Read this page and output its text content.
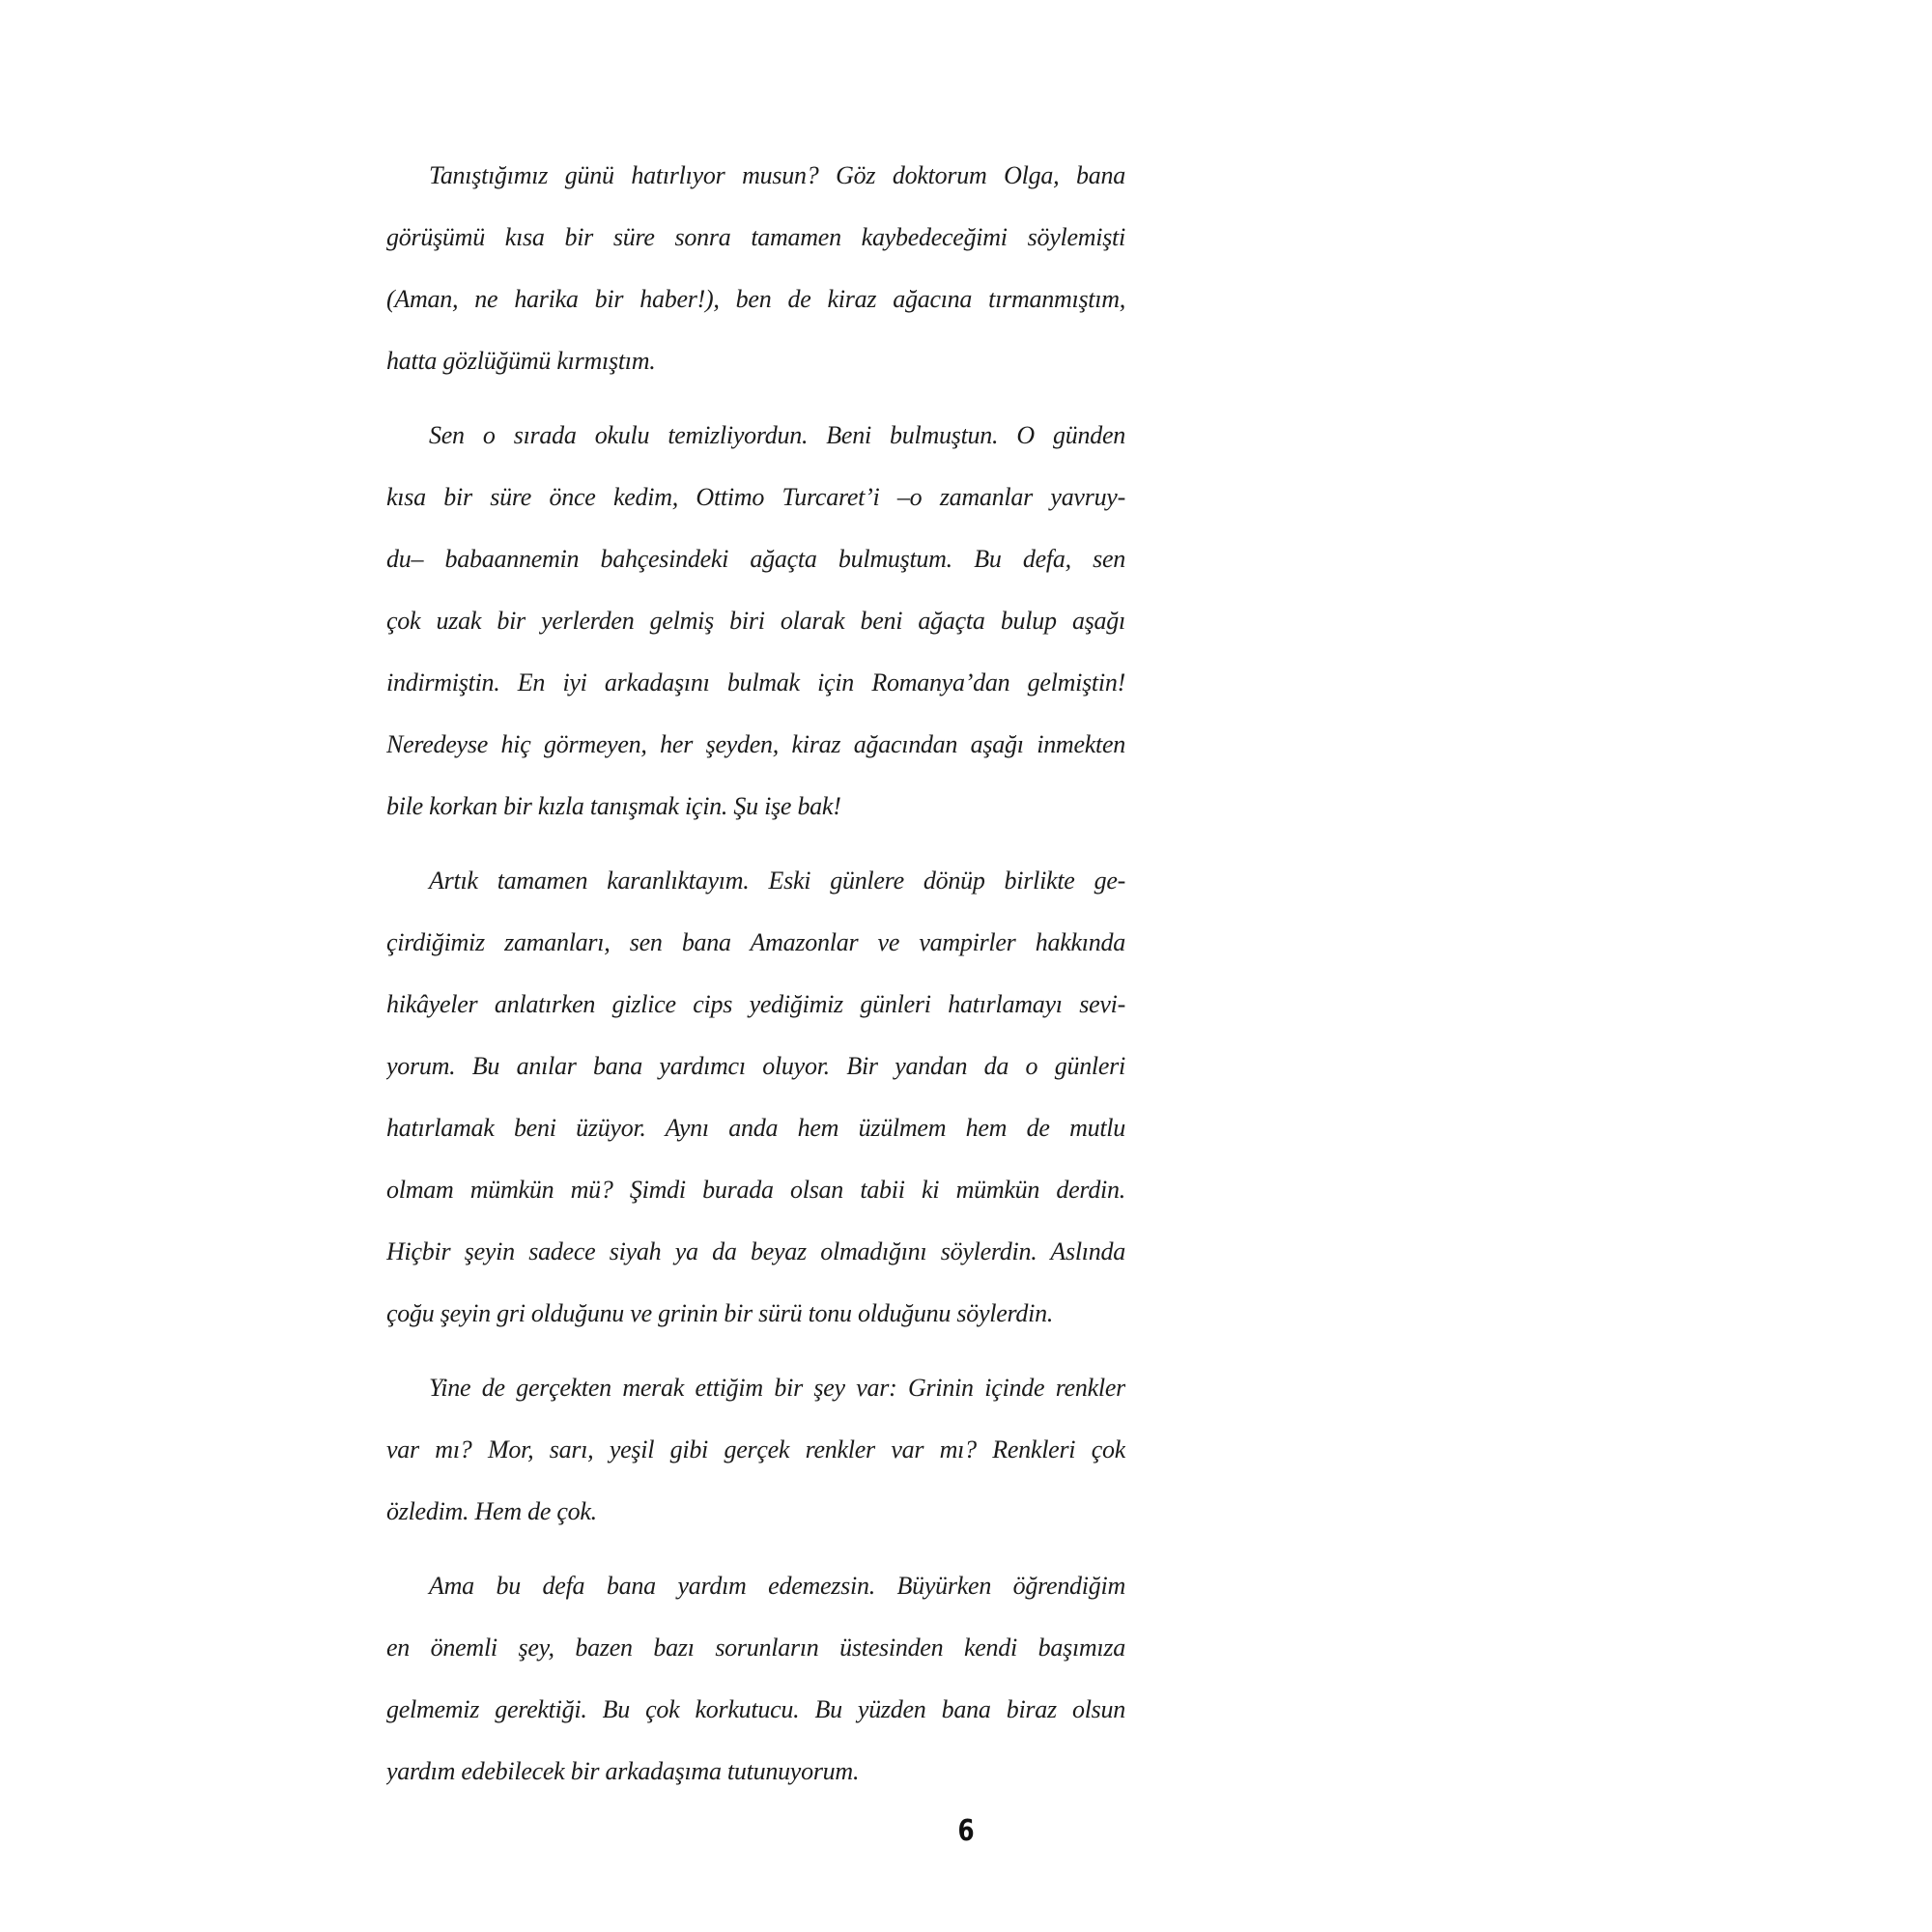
Tanıştığımız günü hatırlıyor musun? Göz doktorum Olga, bana
görüşümü kısa bir süre sonra tamamen kaybedeceğimi söylemişti
(Aman, ne harika bir haber!), ben de kiraz ağacına tırmanmıştım,
hatta gözlüğümü kırmıştım.
Sen o sırada okulu temizliyordun. Beni bulmuştun. O günden
kısa bir süre önce kedim, Ottimo Turcaret’i –o zamanlar yavruy-
du– babaannemin bahçesindeki ağaçta bulmuştum. Bu defa, sen
çok uzak bir yerlerden gelmiş biri olarak beni ağaçta bulup aşağı
indirmiştin. En iyi arkadaşını bulmak için Romanya’dan gelmiştin!
Neredeyse hiç görmeyen, her şeyden, kiraz ağacından aşağı inmekten
bile korkan bir kızla tanışmak için. Şu işe bak!
Artık tamamen karanlıktayım. Eski günlere dönüp birlikte ge-
çirdiğimiz zamanları, sen bana Amazonlar ve vampirler hakkında
hikâyeler anlatırken gizlice cips yediğimiz günleri hatırlamayı sevi-
yorum. Bu anılar bana yardımcı oluyor. Bir yandan da o günleri
hatırlamak beni üzüyor. Aynı anda hem üzülmem hem de mutlu
olmam mümkün mü? Şimdi burada olsan tabii ki mümkün derdin.
Hiçbir şeyin sadece siyah ya da beyaz olmadığını söylerdin. Aslında
çoğu şeyin gri olduğunu ve grinin bir sürü tonu olduğunu söylerdin.
Yine de gerçekten merak ettiğim bir şey var: Grinin içinde renkler
var mı? Mor, sarı, yeşil gibi gerçek renkler var mı? Renkleri çok
özledim. Hem de çok.
Ama bu defa bana yardım edemezsin. Büyürken öğrendiğim
en önemli şey, bazen bazı sorunların üstesinden kendi başımıza
gelmemiz gerektiği. Bu çok korkutucu. Bu yüzden bana biraz olsun
yardım edebilecek bir arkadaşıma tutunuyorum.
6
